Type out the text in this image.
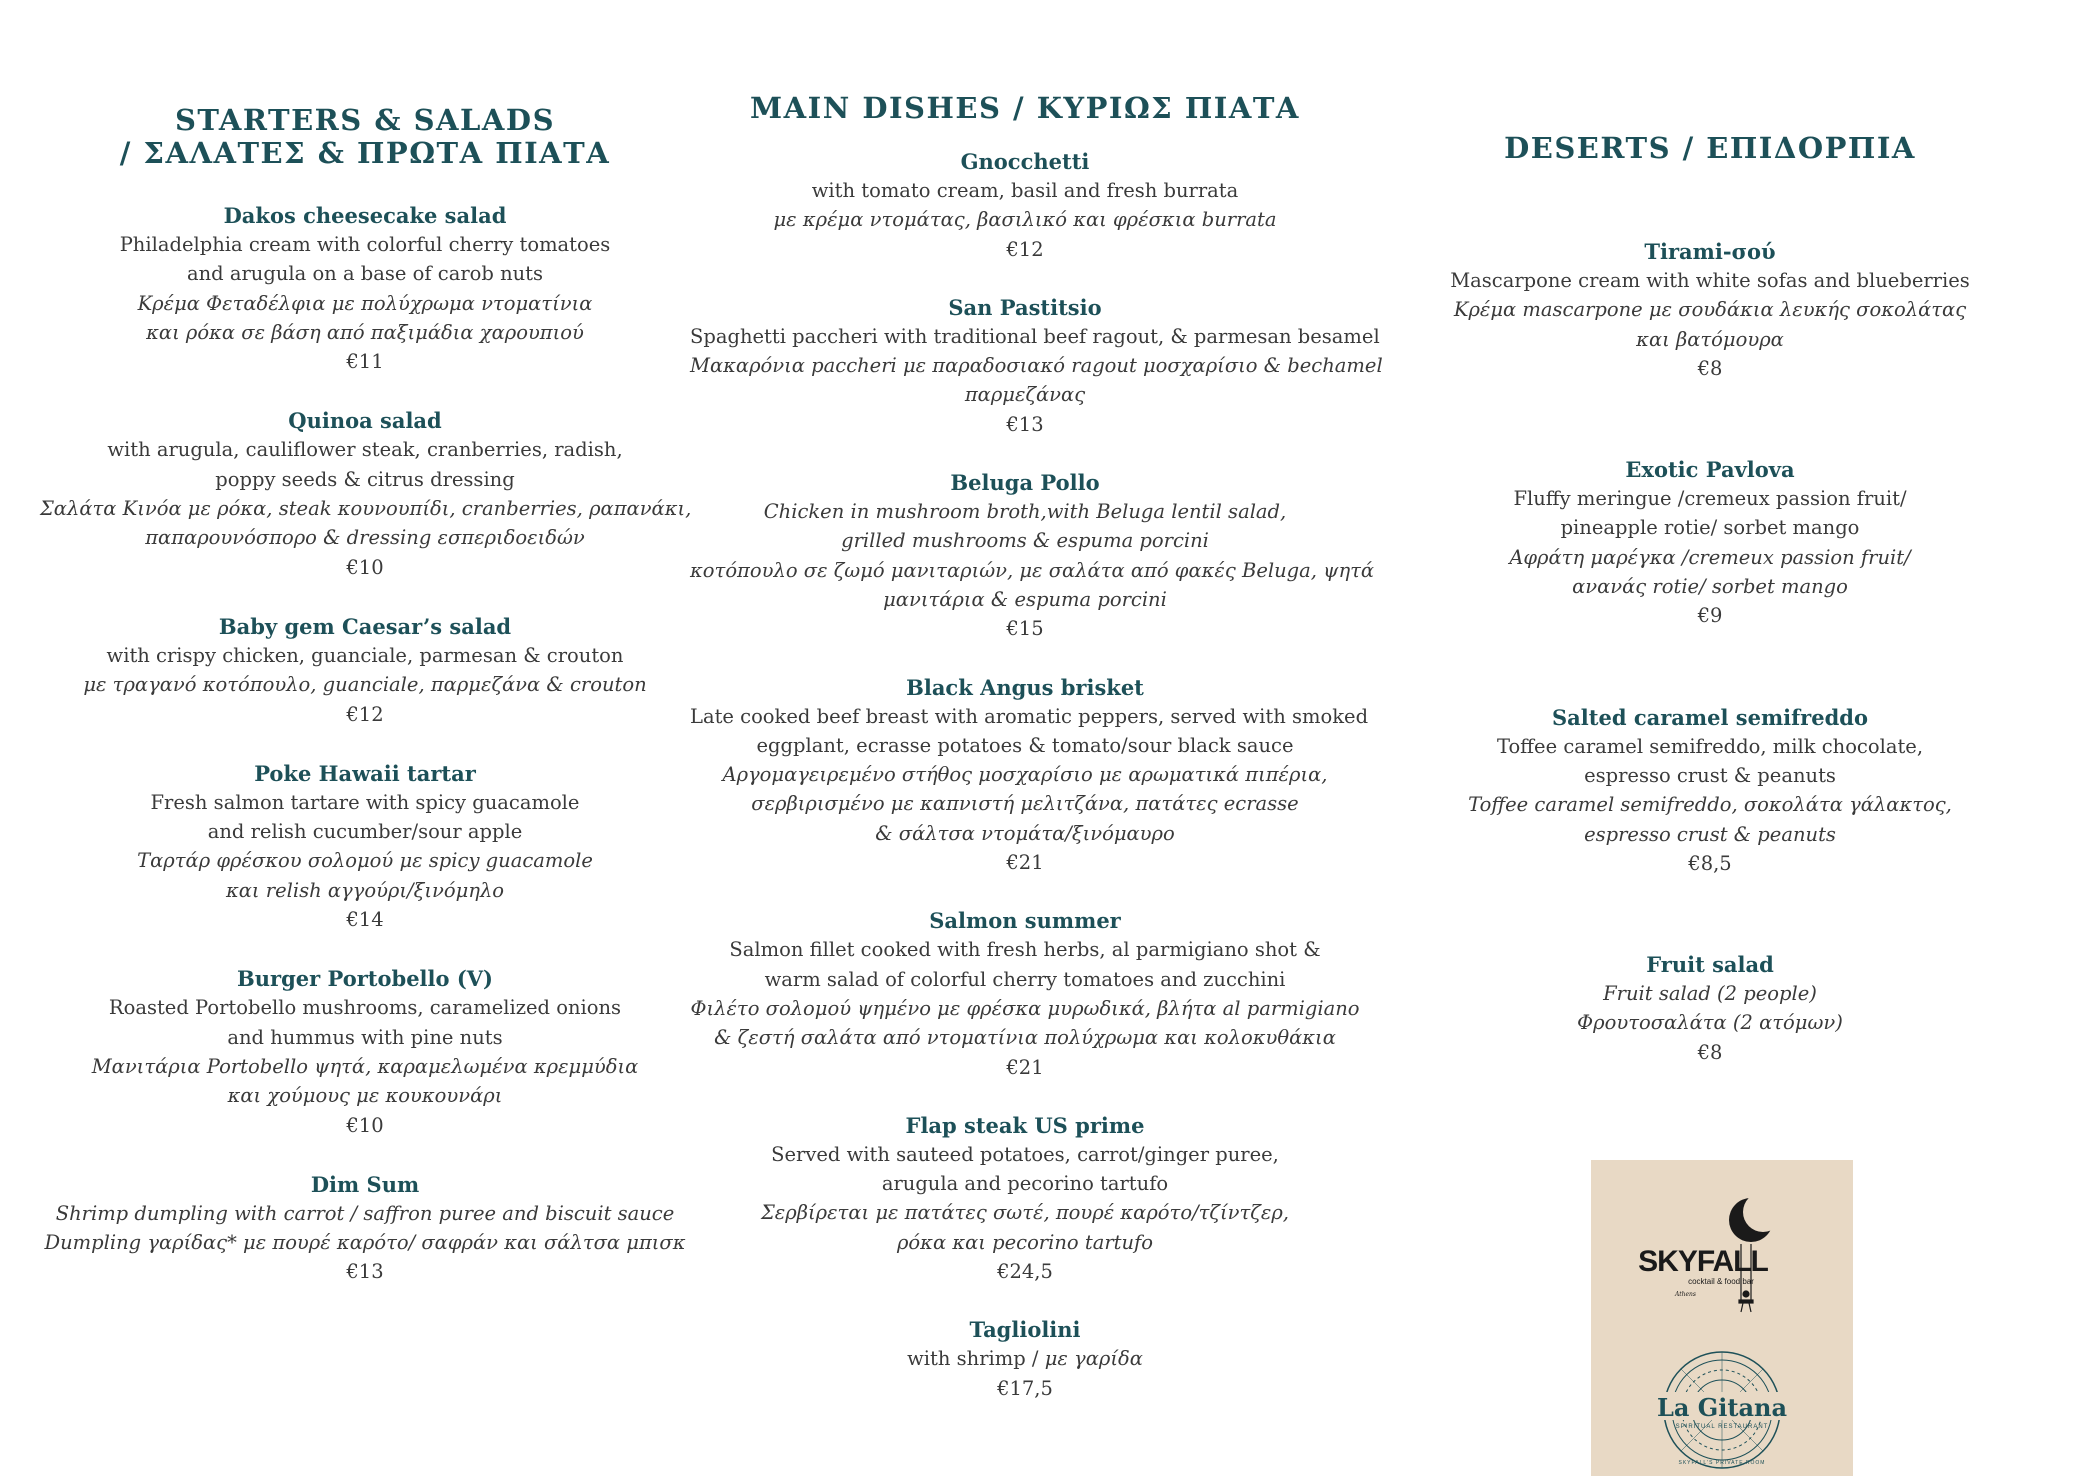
STARTERS & SALADS
/ ΣΑΛΑΤΕΣ & ΠΡΩΤΑ ΠΙΑΤΑ
Dakos cheesecake salad
Philadelphia cream with colorful cherry tomatoes
and arugula on a base of carob nuts
Κρέμα Φεταδέλφια με πολύχρωμα ντοματίνια
και ρόκα σε βάση από παξιμάδια χαρουπιού
€11
Quinoa salad
with arugula, cauliflower steak, cranberries, radish,
poppy seeds & citrus dressing
Σαλάτα Κινόα με ρόκα, steak κουνουπίδι, cranberries, ραπανάκι,
παπαρουνόσπορο & dressing εσπεριδοειδών
€10
Baby gem Caesar’s salad
with crispy chicken, guanciale, parmesan & crouton
με τραγανό κοτόπουλο, guanciale, παρμεζάνα & crouton
€12
Poke Hawaii tartar
Fresh salmon tartare with spicy guacamole
and relish cucumber/sour apple
Ταρτάρ φρέσκου σολομού με spicy guacamole
και relish αγγούρι/ξινόμηλο
€14
Burger Portobello (V)
Roasted Portobello mushrooms, caramelized onions
and hummus with pine nuts
Μανιτάρια Portobello ψητά, καραμελωμένα κρεμμύδια
και χούμους με κουκουνάρι
€10
Dim Sum
Shrimp dumpling with carrot / saffron puree and biscuit sauce
Dumpling γαρίδας* με πουρέ καρότο/ σαφράν και σάλτσα μπισκ
€13
MAIN DISHES / ΚΥΡΙΩΣ ΠΙΑΤΑ
Gnocchetti
with tomato cream, basil and fresh burrata
με κρέμα ντομάτας, βασιλικό και φρέσκια burrata
€12
San Pastitsio
Spaghetti paccheri with traditional beef ragout, & parmesan besamel
Μακαρόνια paccheri με παραδοσιακό ragout μοσχαρίσιο & bechamel
παρμεζάνας
€13
Beluga Pollo
Chicken in mushroom broth,with Beluga lentil salad,
grilled mushrooms & espuma porcini
κοτόπουλο σε ζωμό μανιταριών, με σαλάτα από φακές Beluga, ψητά
μανιτάρια & espuma porcini
€15
Black Angus brisket
Late cooked beef breast with aromatic peppers, served with smoked
eggplant, ecrasse potatoes & tomato/sour black sauce
Αργομαγειρεμένο στήθος μοσχαρίσιο με αρωματικά πιπέρια,
σερβιρισμένο με καπνιστή μελιτζάνα, πατάτες ecrasse
& σάλτσα ντομάτα/ξινόμαυρο
€21
Salmon summer
Salmon fillet cooked with fresh herbs, al parmigiano shot &
warm salad of colorful cherry tomatoes and zucchini
Φιλέτο σολομού ψημένο με φρέσκα μυρωδικά, βλήτα al parmigiano
& ζεστή σαλάτα από ντοματίνια πολύχρωμα και κολοκυθάκια
€21
Flap steak US prime
Served with sauteed potatoes, carrot/ginger puree,
arugula and pecorino tartufo
Σερβίρεται με πατάτες σωτέ, πουρέ καρότο/τζίντζερ,
ρόκα και pecorino tartufo
€24,5
Tagliolini
with shrimp / με γαρίδα
€17,5
DESERTS / ΕΠΙΔΟΡΠΙΑ
Tirami-σού
Mascarpone cream with white sofas and blueberries
Κρέμα mascarpone με σουδάκια λευκής σοκολάτας
και βατόμουρα
€8
Exotic Pavlova
Fluffy meringue /cremeux passion fruit/
pineapple rotie/ sorbet mango
Αφράτη μαρέγκα /cremeux passion fruit/
ανανάς rotie/ sorbet mango
€9
Salted caramel semifreddo
Toffee caramel semifreddo, milk chocolate,
espresso crust & peanuts
Toffee caramel semifreddo, σοκολάτα γάλακτος,
espresso crust & peanuts
€8,5
Fruit salad
Fruit salad (2 people)
Φρουτοσαλάτα (2 ατόμων)
€8
SKYFALL
cocktail & food bar
Athens
La Gitana
SPIRITUAL RESTAURANT
SKYFALL'S PRIVATE ROOM
